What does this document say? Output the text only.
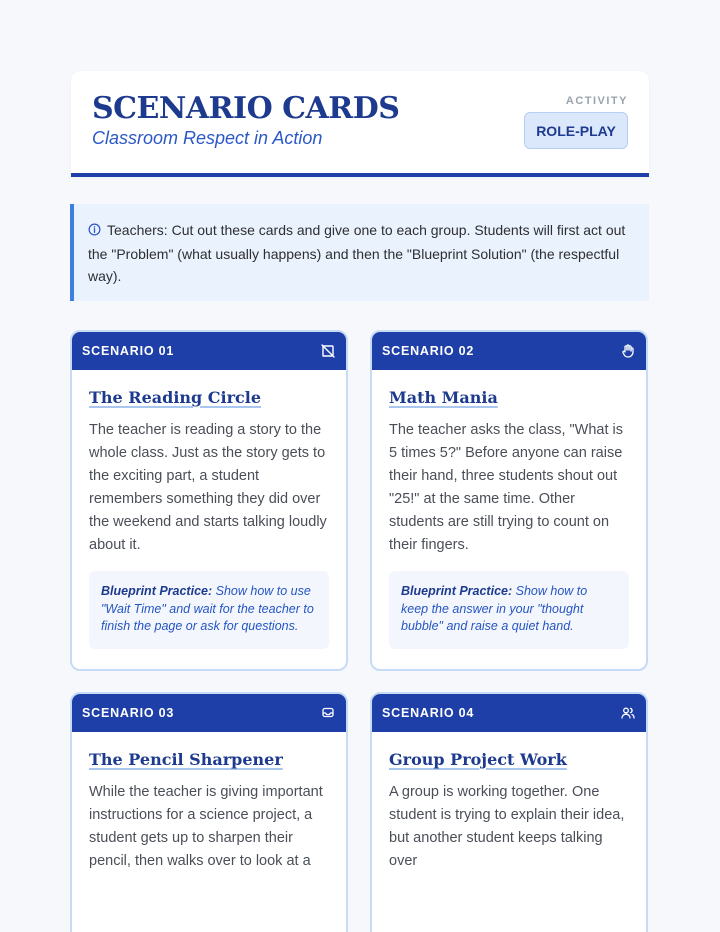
SCENARIO CARDS
Classroom Respect in Action
ACTIVITY
ROLE-PLAY
Teachers: Cut out these cards and give one to each group. Students will first act out the "Problem" (what usually happens) and then the "Blueprint Solution" (the respectful way).
SCENARIO 01
The Reading Circle
The teacher is reading a story to the whole class. Just as the story gets to the exciting part, a student remembers something they did over the weekend and starts talking loudly about it.
Blueprint Practice: Show how to use "Wait Time" and wait for the teacher to finish the page or ask for questions.
SCENARIO 02
Math Mania
The teacher asks the class, "What is 5 times 5?" Before anyone can raise their hand, three students shout out "25!" at the same time. Other students are still trying to count on their fingers.
Blueprint Practice: Show how to keep the answer in your "thought bubble" and raise a quiet hand.
SCENARIO 03
The Pencil Sharpener
While the teacher is giving important instructions for a science project, a student gets up to sharpen their pencil, then walks over to look at a
SCENARIO 04
Group Project Work
A group is working together. One student is trying to explain their idea, but another student keeps talking over
